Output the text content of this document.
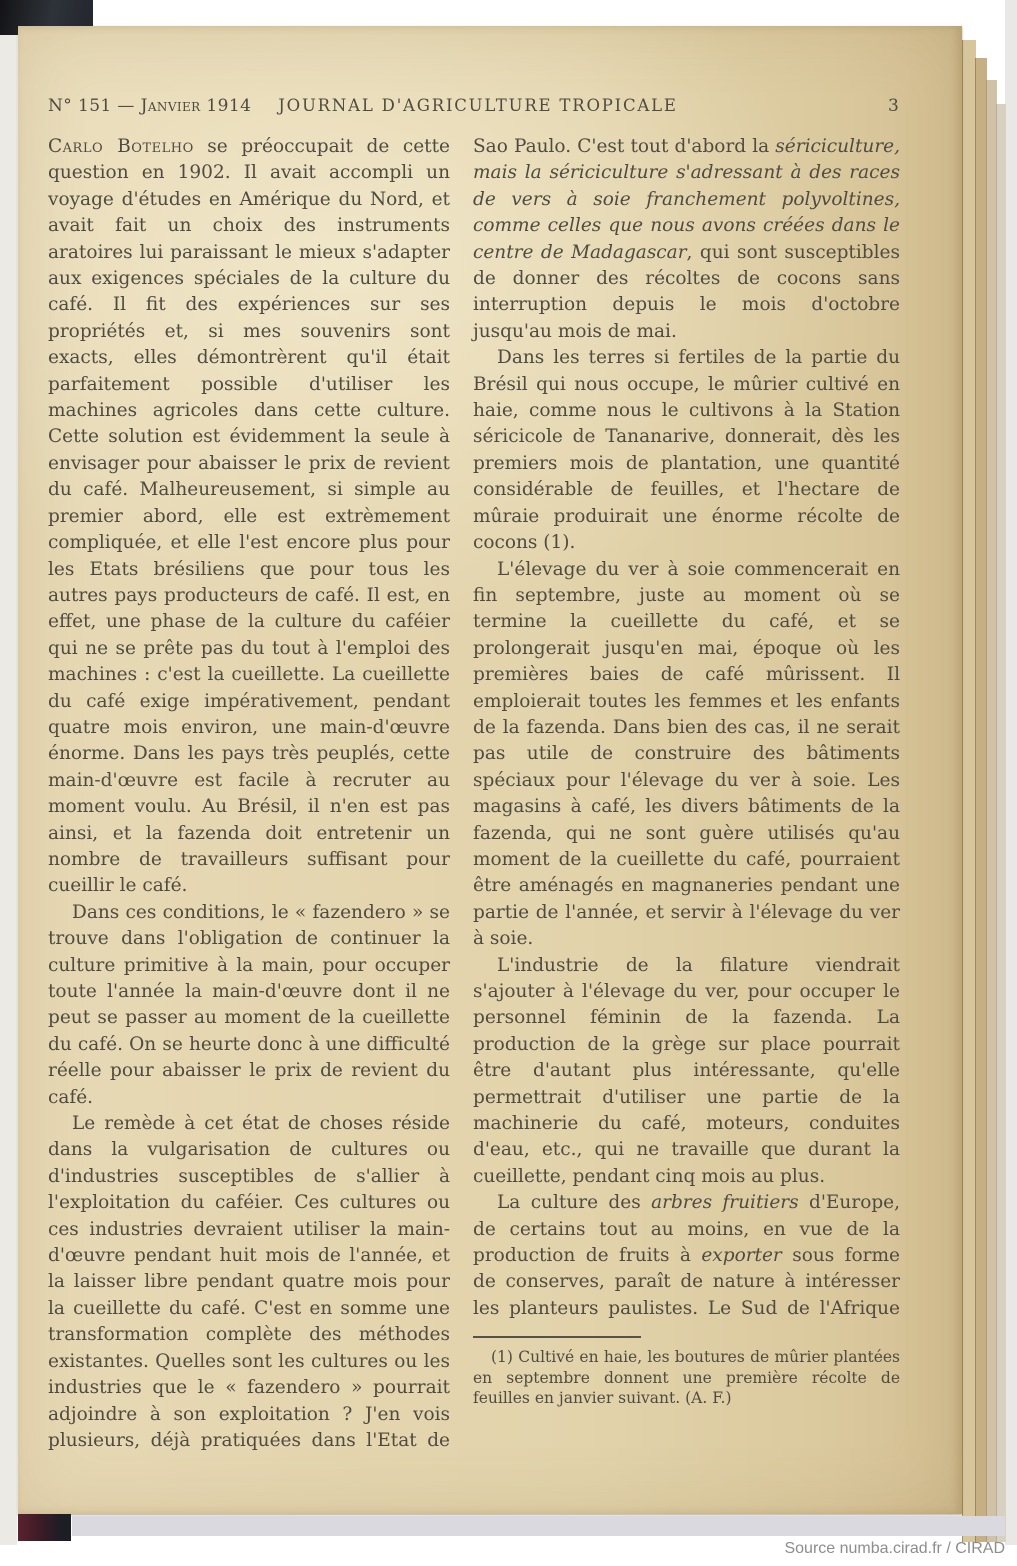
N° 151 — Janvier 1914	JOURNAL D'AGRICULTURE TROPICALE	3

Carlo Botelho se préoccupait de cette question en 1902. Il avait accompli un voyage d'études en Amérique du Nord, et avait fait un choix des instruments aratoires lui paraissant le mieux s'adapter aux exigences spéciales de la culture du café. Il fit des expériences sur ses propriétés et, si mes souvenirs sont exacts, elles démontrèrent qu'il était parfaitement possible d'utiliser les machines agricoles dans cette culture. Cette solution est évidemment la seule à envisager pour abaisser le prix de revient du café. Malheureusement, si simple au premier abord, elle est extrèmement compliquée, et elle l'est encore plus pour les Etats brésiliens que pour tous les autres pays producteurs de café. Il est, en effet, une phase de la culture du caféier qui ne se prête pas du tout à l'emploi des machines : c'est la cueillette. La cueillette du café exige impérativement, pendant quatre mois environ, une main-d'œuvre énorme. Dans les pays très peuplés, cette main-d'œuvre est facile à recruter au moment voulu. Au Brésil, il n'en est pas ainsi, et la fazenda doit entretenir un nombre de travailleurs suffisant pour cueillir le café.

Dans ces conditions, le « fazendero » se trouve dans l'obligation de continuer la culture primitive à la main, pour occuper toute l'année la main-d'œuvre dont il ne peut se passer au moment de la cueillette du café. On se heurte donc à une difficulté réelle pour abaisser le prix de revient du café.

Le remède à cet état de choses réside dans la vulgarisation de cultures ou d'industries susceptibles de s'allier à l'exploitation du caféier. Ces cultures ou ces industries devraient utiliser la main-d'œuvre pendant huit mois de l'année, et la laisser libre pendant quatre mois pour la cueillette du café. C'est en somme une transformation complète des méthodes existantes. Quelles sont les cultures ou les industries que le « fazendero » pourrait adjoindre à son exploitation ? J'en vois plusieurs, déjà pratiquées dans l'Etat de

Sao Paulo. C'est tout d'abord la sériciculture, mais la sériciculture s'adressant à des races de vers à soie franchement polyvoltines, comme celles que nous avons créées dans le centre de Madagascar, qui sont susceptibles de donner des récoltes de cocons sans interruption depuis le mois d'octobre jusqu'au mois de mai.

Dans les terres si fertiles de la partie du Brésil qui nous occupe, le mûrier cultivé en haie, comme nous le cultivons à la Station séricicole de Tananarive, donnerait, dès les premiers mois de plantation, une quantité considérable de feuilles, et l'hectare de mûraie produirait une énorme récolte de cocons (1).

L'élevage du ver à soie commencerait en fin septembre, juste au moment où se termine la cueillette du café, et se prolongerait jusqu'en mai, époque où les premières baies de café mûrissent. Il emploierait toutes les femmes et les enfants de la fazenda. Dans bien des cas, il ne serait pas utile de construire des bâtiments spéciaux pour l'élevage du ver à soie. Les magasins à café, les divers bâtiments de la fazenda, qui ne sont guère utilisés qu'au moment de la cueillette du café, pourraient être aménagés en magnaneries pendant une partie de l'année, et servir à l'élevage du ver à soie.

L'industrie de la filature viendrait s'ajouter à l'élevage du ver, pour occuper le personnel féminin de la fazenda. La production de la grège sur place pourrait être d'autant plus intéressante, qu'elle permettrait d'utiliser une partie de la machinerie du café, moteurs, conduites d'eau, etc., qui ne travaille que durant la cueillette, pendant cinq mois au plus.

La culture des arbres fruitiers d'Europe, de certains tout au moins, en vue de la production de fruits à exporter sous forme de conserves, paraît de nature à intéresser les planteurs paulistes. Le Sud de l'Afrique

(1) Cultivé en haie, les boutures de mûrier plantées en septembre donnent une première récolte de feuilles en janvier suivant. (A. F.)

Source numba.cirad.fr / CIRAD
